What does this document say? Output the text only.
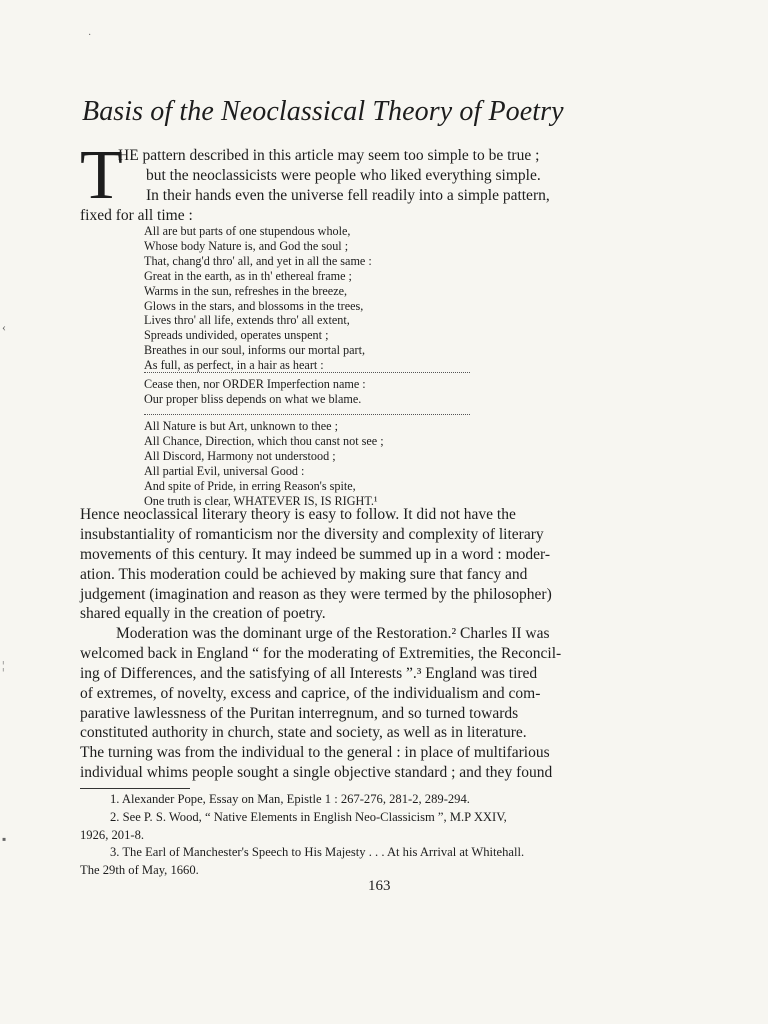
Basis of the Neoclassical Theory of Poetry
T
HE pattern described in this article may seem too simple to be true ;
but the neoclassicists were people who liked everything simple.
In their hands even the universe fell readily into a simple pattern,
fixed for all time :
All are but parts of one stupendous whole,
Whose body Nature is, and God the soul ;
That, chang'd thro' all, and yet in all the same :
Great in the earth, as in th' ethereal frame ;
Warms in the sun, refreshes in the breeze,
Glows in the stars, and blossoms in the trees,
Lives thro' all life, extends thro' all extent,
Spreads undivided, operates unspent ;
Breathes in our soul, informs our mortal part,
As full, as perfect, in a hair as heart :
Cease then, nor ORDER Imperfection name :
Our proper bliss depends on what we blame.
All Nature is but Art, unknown to thee ;
All Chance, Direction, which thou canst not see ;
All Discord, Harmony not understood ;
All partial Evil, universal Good :
And spite of Pride, in erring Reason's spite,
One truth is clear, WHATEVER IS, IS RIGHT.¹
Hence neoclassical literary theory is easy to follow. It did not have the
insubstantiality of romanticism nor the diversity and complexity of literary
movements of this century. It may indeed be summed up in a word : moder-
ation. This moderation could be achieved by making sure that fancy and
judgement (imagination and reason as they were termed by the philosopher)
shared equally in the creation of poetry.
Moderation was the dominant urge of the Restoration.² Charles II was
welcomed back in England “ for the moderating of Extremities, the Reconcil-
ing of Differences, and the satisfying of all Interests ”.³ England was tired
of extremes, of novelty, excess and caprice, of the individualism and com-
parative lawlessness of the Puritan interregnum, and so turned towards
constituted authority in church, state and society, as well as in literature.
The turning was from the individual to the general : in place of multifarious
individual whims people sought a single objective standard ; and they found
1. Alexander Pope, Essay on Man, Epistle 1 : 267-276, 281-2, 289-294.
2. See P. S. Wood, “ Native Elements in English Neo-Classicism ”, M.P XXIV,
1926, 201-8.
3. The Earl of Manchester's Speech to His Majesty . . . At his Arrival at Whitehall.
The 29th of May, 1660.
163
·
‹
¦
▪
